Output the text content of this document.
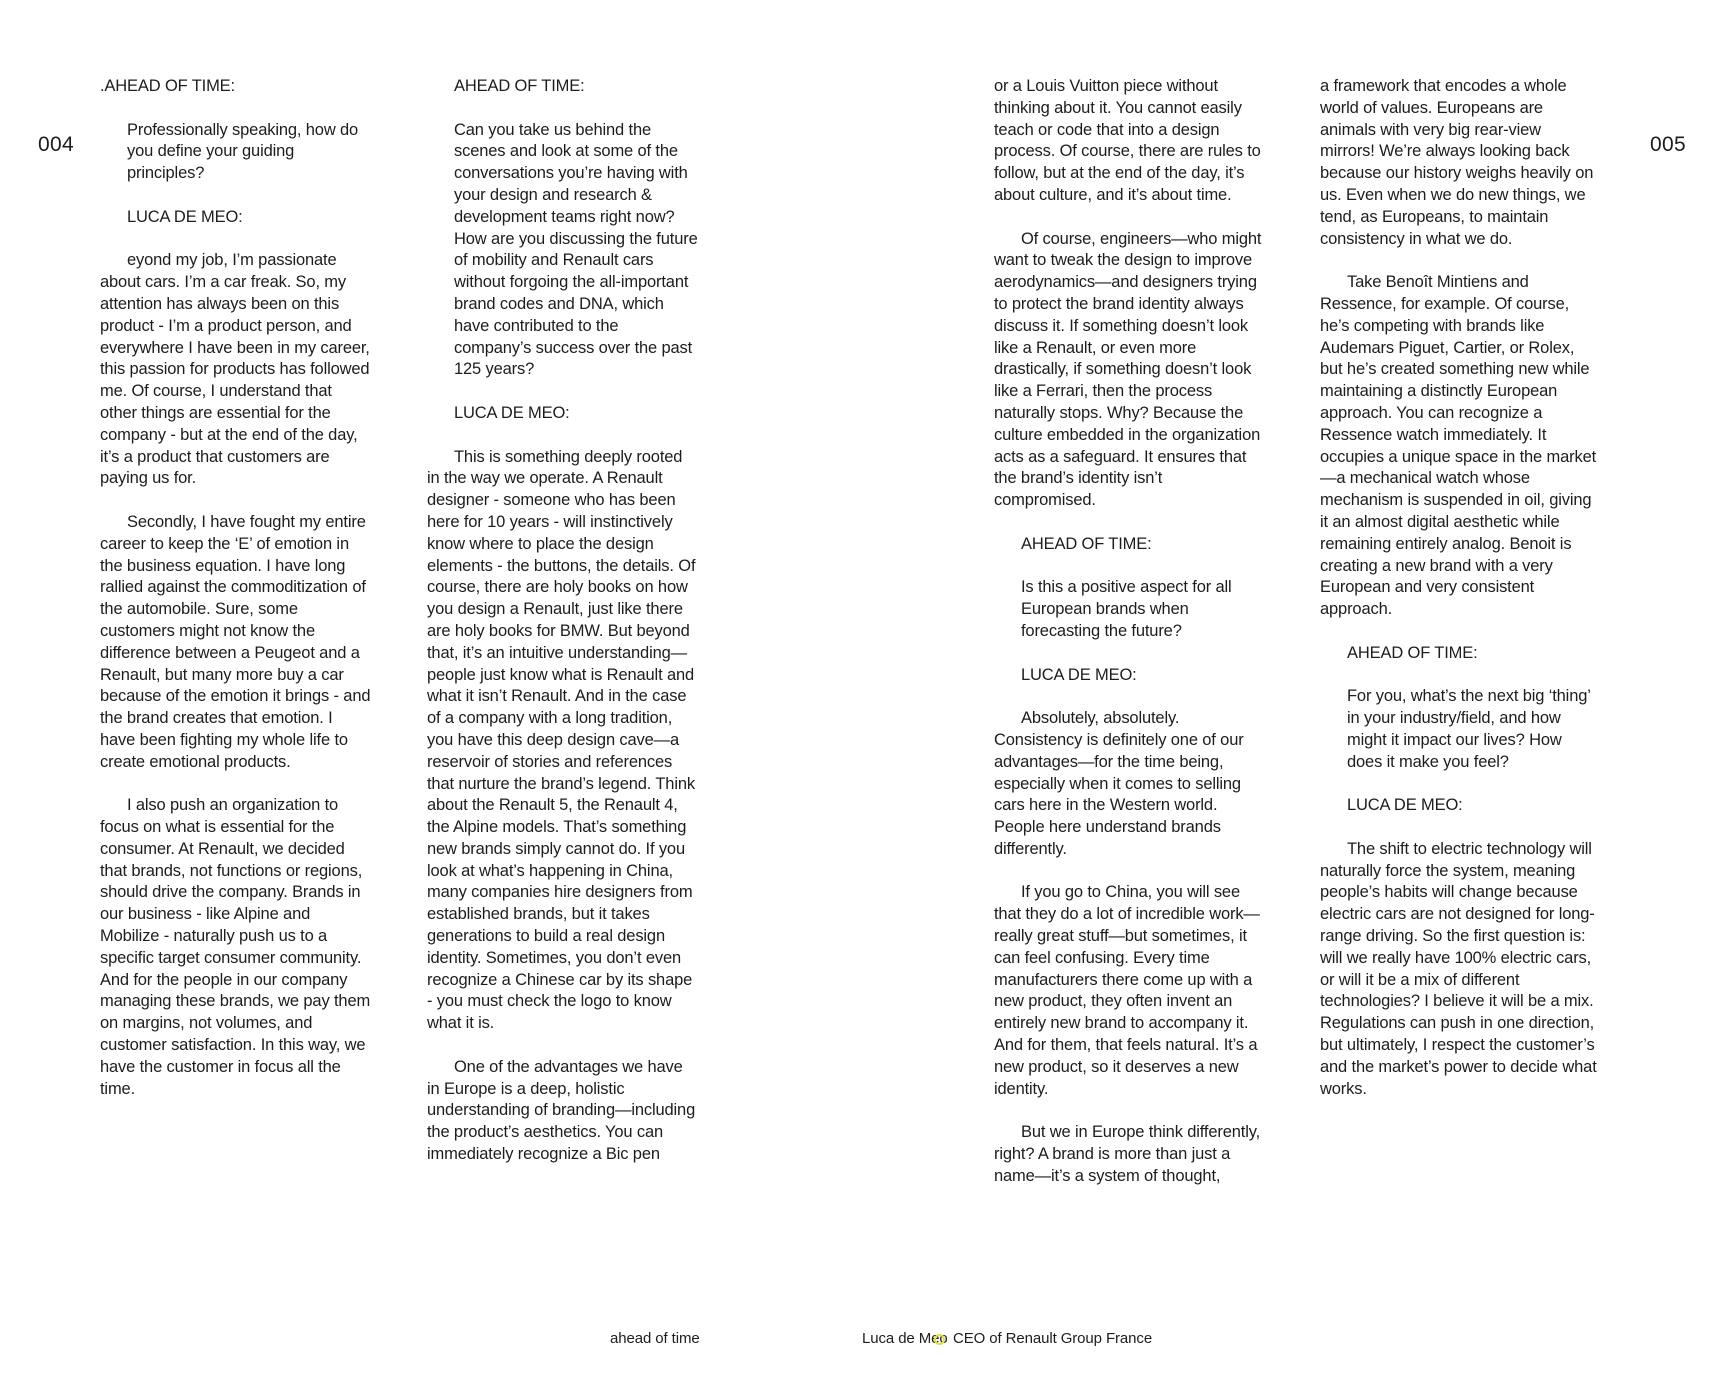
004	005
.AHEAD OF TIME:
Professionally speaking, how do you define your guiding principles?
LUCA DE MEO:
eyond my job, I’m passionate about cars. I’m a car freak. So, my attention has always been on this product - I’m a product person, and everywhere I have been in my career, this passion for products has followed me. Of course, I understand that other things are essential for the company - but at the end of the day, it’s a product that customers are paying us for.
Secondly, I have fought my entire career to keep the ‘E’ of emotion in the business equation. I have long rallied against the commoditization of the automobile. Sure, some customers might not know the difference between a Peugeot and a Renault, but many more buy a car because of the emotion it brings - and the brand creates that emotion. I have been fighting my whole life to create emotional products.
I also push an organization to focus on what is essential for the consumer. At Renault, we decided that brands, not functions or regions, should drive the company. Brands in our business - like Alpine and Mobilize - naturally push us to a specific target consumer community. And for the people in our company managing these brands, we pay them on margins, not volumes, and customer satisfaction. In this way, we have the customer in focus all the time.
AHEAD OF TIME:
Can you take us behind the scenes and look at some of the conversations you’re having with your design and research & development teams right now? How are you discussing the future of mobility and Renault cars without forgoing the all-important brand codes and DNA, which have contributed to the company’s success over the past 125 years?
LUCA DE MEO:
This is something deeply rooted in the way we operate. A Renault designer - someone who has been here for 10 years - will instinctively know where to place the design elements - the buttons, the details. Of course, there are holy books on how you design a Renault, just like there are holy books for BMW. But beyond that, it’s an intuitive understanding—people just know what is Renault and what it isn’t Renault. And in the case of a company with a long tradition, you have this deep design cave—a reservoir of stories and references that nurture the brand’s legend. Think about the Renault 5, the Renault 4, the Alpine models. That’s something new brands simply cannot do. If you look at what’s happening in China, many companies hire designers from established brands, but it takes generations to build a real design identity. Sometimes, you don’t even recognize a Chinese car by its shape - you must check the logo to know what it is.
One of the advantages we have in Europe is a deep, holistic understanding of branding—including the product’s aesthetics. You can immediately recognize a Bic pen
or a Louis Vuitton piece without thinking about it. You cannot easily teach or code that into a design process. Of course, there are rules to follow, but at the end of the day, it’s about culture, and it’s about time.
Of course, engineers—who might want to tweak the design to improve aerodynamics—and designers trying to protect the brand identity always discuss it. If something doesn’t look like a Renault, or even more drastically, if something doesn’t look like a Ferrari, then the process naturally stops. Why? Because the culture embedded in the organization acts as a safeguard. It ensures that the brand’s identity isn’t compromised.
AHEAD OF TIME:
Is this a positive aspect for all European brands when forecasting the future?
LUCA DE MEO:
Absolutely, absolutely. Consistency is definitely one of our advantages—for the time being, especially when it comes to selling cars here in the Western world. People here understand brands differently.
If you go to China, you will see that they do a lot of incredible work—really great stuff—but sometimes, it can feel confusing. Every time manufacturers there come up with a new product, they often invent an entirely new brand to accompany it. And for them, that feels natural. It’s a new product, so it deserves a new identity.
But we in Europe think differently, right? A brand is more than just a name—it’s a system of thought,
a framework that encodes a whole world of values. Europeans are animals with very big rear-view mirrors! We’re always looking back because our history weighs heavily on us. Even when we do new things, we tend, as Europeans, to maintain consistency in what we do.
Take Benoît Mintiens and Ressence, for example. Of course, he’s competing with brands like Audemars Piguet, Cartier, or Rolex, but he’s created something new while maintaining a distinctly European approach. You can recognize a Ressence watch immediately. It occupies a unique space in the market—a mechanical watch whose mechanism is suspended in oil, giving it an almost digital aesthetic while remaining entirely analog. Benoit is creating a new brand with a very European and very consistent approach.
AHEAD OF TIME:
For you, what’s the next big ‘thing’ in your industry/field, and how might it impact our lives? How does it make you feel?
LUCA DE MEO:
The shift to electric technology will naturally force the system, meaning people’s habits will change because electric cars are not designed for long-range driving. So the first question is: will we really have 100% electric cars, or will it be a mix of different technologies? I believe it will be a mix. Regulations can push in one direction, but ultimately, I respect the customer’s and the market’s power to decide what works.
ahead of time	Luca de Meo CEO of Renault Group France
